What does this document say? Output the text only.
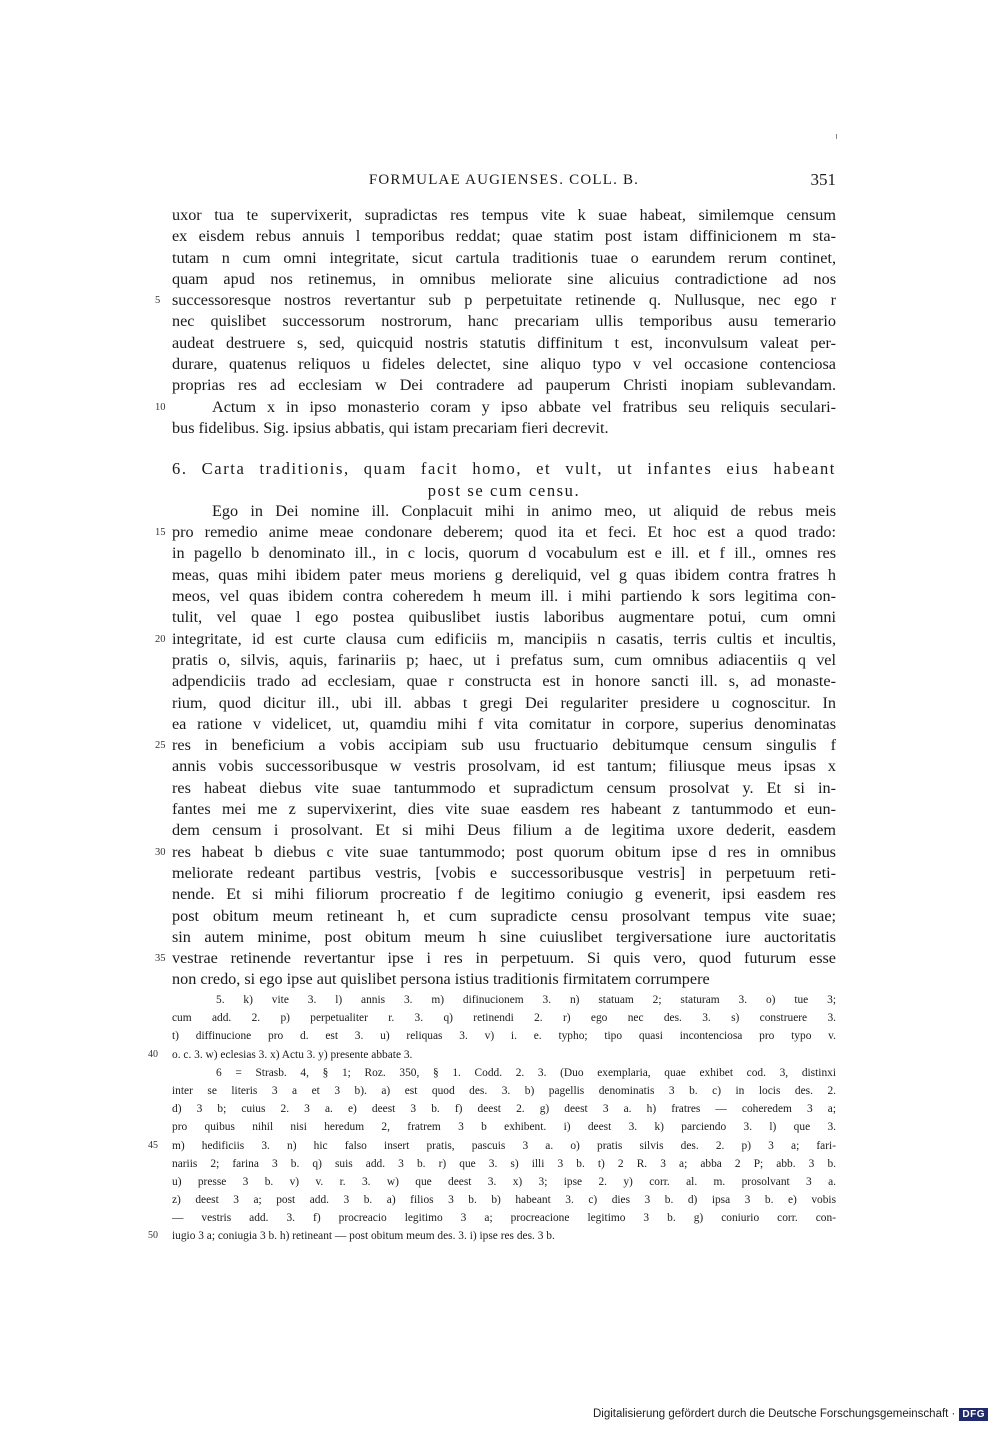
FORMULAE AUGIENSES. COLL. B.	351
uxor tua te supervixerit, supradictas res tempus vite k suae habeat, similemque censum
ex eisdem rebus annuis l temporibus reddat; quae statim post istam diffinicionem m sta-
tutam n cum omni integritate, sicut cartula traditionis tuae o earundem rerum continet,
quam apud nos retinemus, in omnibus meliorate sine alicuius contradictione ad nos
successoresque nostros revertantur sub p perpetuitate retinende q. Nullusque, nec ego r
5
nec quislibet successorum nostrorum, hanc precariam ullis temporibus ausu temerario
audeat destruere s, sed, quicquid nostris statutis diffinitum t est, inconvulsum valeat per-
durare, quatenus reliquos u fideles delectet, sine aliquo typo v vel occasione contenciosa
proprias res ad ecclesiam w Dei contradere ad pauperum Christi inopiam sublevandam.
Actum x in ipso monasterio coram y ipso abbate vel fratribus seu reliquis seculari-
10
bus fidelibus. Sig. ipsius abbatis, qui istam precariam fieri decrevit.
6. Carta traditionis, quam facit homo, et vult, ut infantes eius habeant
post se cum censu.
Ego in Dei nomine ill. Conplacuit mihi in animo meo, ut aliquid de rebus meis
pro remedio anime meae condonare deberem; quod ita et feci. Et hoc est a quod trado:
15
in pagello b denominato ill., in c locis, quorum d vocabulum est e ill. et f ill., omnes res
meas, quas mihi ibidem pater meus moriens g dereliquid, vel g quas ibidem contra fratres h
meos, vel quas ibidem contra coheredem h meum ill. i mihi partiendo k sors legitima con-
tulit, vel quae l ego postea quibuslibet iustis laboribus augmentare potui, cum omni
integritate, id est curte clausa cum edificiis m, mancipiis n casatis, terris cultis et incultis,
20
pratis o, silvis, aquis, farinariis p; haec, ut i prefatus sum, cum omnibus adiacentiis q vel
adpendiciis trado ad ecclesiam, quae r constructa est in honore sancti ill. s, ad monaste-
rium, quod dicitur ill., ubi ill. abbas t gregi Dei regulariter presidere u cognoscitur. In
ea ratione v videlicet, ut, quamdiu mihi f vita comitatur in corpore, superius denominatas
res in beneficium a vobis accipiam sub usu fructuario debitumque censum singulis f
25
annis vobis successoribusque w vestris prosolvam, id est tantum; filiusque meus ipsas x
res habeat diebus vite suae tantummodo et supradictum censum prosolvat y. Et si in-
fantes mei me z supervixerint, dies vite suae easdem res habeant z tantummodo et eun-
dem censum i prosolvant. Et si mihi Deus filium a de legitima uxore dederit, easdem
res habeat b diebus c vite suae tantummodo; post quorum obitum ipse d res in omnibus
30
meliorate redeant partibus vestris, [vobis e successoribusque vestris] in perpetuum reti-
nende. Et si mihi filiorum procreatio f de legitimo coniugio g evenerit, ipsi easdem res
post obitum meum retineant h, et cum supradicte censu prosolvant tempus vite suae;
sin autem minime, post obitum meum h sine cuiuslibet tergiversatione iure auctoritatis
vestrae retinende revertantur ipse i res in perpetuum. Si quis vero, quod futurum esse
35
non credo, si ego ipse aut quislibet persona istius traditionis firmitatem corrumpere
5. k) vite 3. l) annis 3. m) difinucionem 3. n) statuam 2; staturam 3. o) tue 3;
cum add. 2. p) perpetualiter r. 3. q) retinendi 2. r) ego nec des. 3. s) construere 3.
t) diffinucione pro d. est 3. u) reliquas 3. v) i. e. typho; tipo quasi incontenciosa pro typo v.
o. c. 3. w) eclesias 3. x) Actu 3. y) presente abbate 3.
40
6 = Strasb. 4, § 1; Roz. 350, § 1. Codd. 2. 3. (Duo exemplaria, quae exhibet cod. 3, distinxi
inter se literis 3 a et 3 b). a) est quod des. 3. b) pagellis denominatis 3 b. c) in locis des. 2.
d) 3 b; cuius 2. 3 a. e) deest 3 b. f) deest 2. g) deest 3 a. h) fratres — coheredem 3 a;
pro quibus nihil nisi heredum 2, fratrem 3 b exhibent. i) deest 3. k) parciendo 3. l) que 3.
m) hedificiis 3. n) hic falso insert pratis, pascuis 3 a. o) pratis silvis des. 2. p) 3 a; fari-
45
nariis 2; farina 3 b. q) suis add. 3 b. r) que 3. s) illi 3 b. t) 2 R. 3 a; abba 2 P; abb. 3 b.
u) presse 3 b. v) v. r. 3. w) que deest 3. x) 3; ipse 2. y) corr. al. m. prosolvant 3 a.
z) deest 3 a; post add. 3 b. a) filios 3 b. b) habeant 3. c) dies 3 b. d) ipsa 3 b. e) vobis
— vestris add. 3. f) procreacio legitimo 3 a; procreacione legitimo 3 b. g) coniurio corr. con-
iugio 3 a; coniugia 3 b. h) retineant — post obitum meum des. 3. i) ipse res des. 3 b.
50
Digitalisierung gefördert durch die Deutsche Forschungsgemeinschaft · DFG
